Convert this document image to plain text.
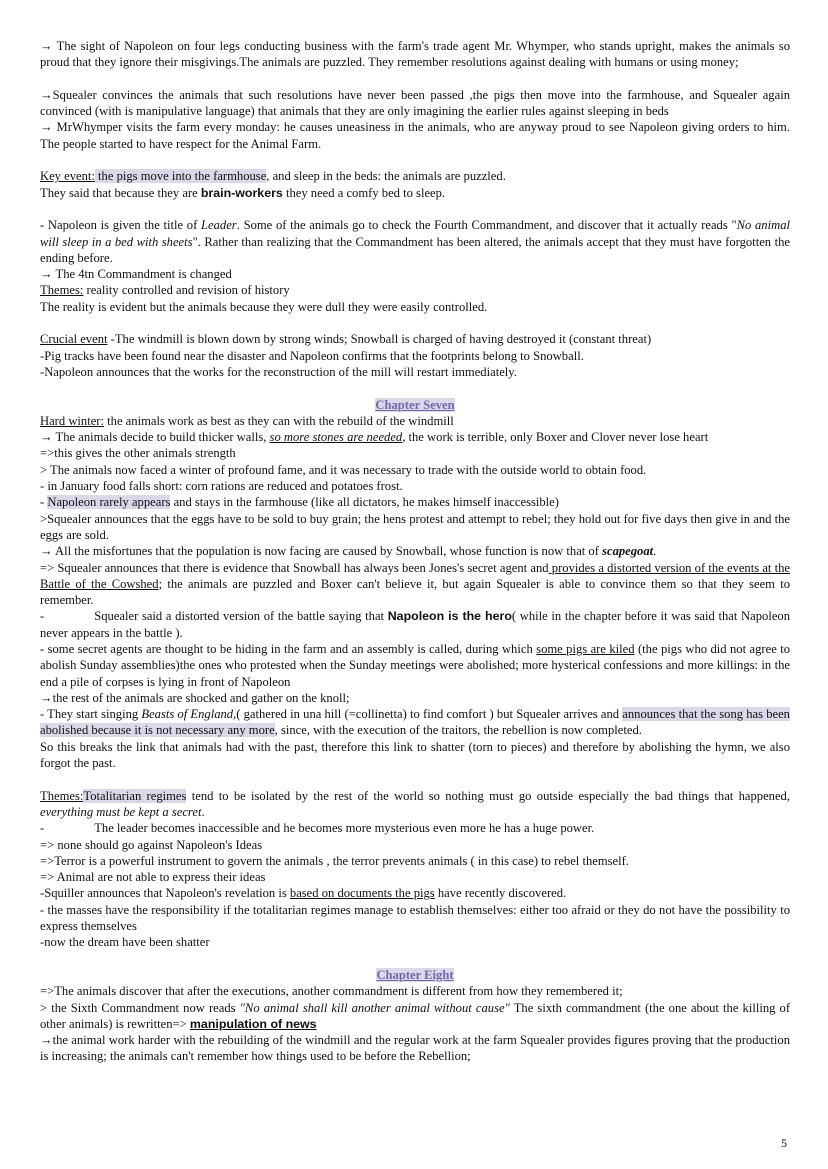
→ The sight of Napoleon on four legs conducting business with the farm's trade agent Mr. Whymper, who stands upright, makes the animals so proud that they ignore their misgivings.The animals are puzzled. They remember resolutions against dealing with humans or using money;

→Squealer convinces the animals that such resolutions have never been passed ,the pigs then move into the farmhouse, and Squealer again convinced (with is manipulative language) that animals that they are only imagining the earlier rules against sleeping in beds

→ MrWhymper visits the farm every monday: he causes uneasiness in the animals, who are anyway proud to see Napoleon giving orders to him. The people started to have respect for the Animal Farm.

Key event: the pigs move into the farmhouse, and sleep in the beds: the animals are puzzled.

They said that because they are brain-workers they need a comfy bed to sleep.

- Napoleon is given the title of Leader. Some of the animals go to check the Fourth Commandment, and discover that it actually reads "No animal will sleep in a bed with sheets". Rather than realizing that the Commandment has been altered, the animals accept that they must have forgotten the ending before.

→ The 4tn Commandment is changed

Themes: reality controlled and revision of history

The reality is evident but the animals because they were dull they were easily controlled.

Crucial event -The windmill is blown down by strong winds; Snowball is charged of having destroyed it (constant threat)

-Pig tracks have been found near the disaster and Napoleon confirms that the footprints belong to Snowball.

-Napoleon announces that the works for the reconstruction of the mill will restart immediately.

Chapter Seven

Hard winter: the animals work as best as they can with the rebuild of the windmill

→ The animals decide to build thicker walls, so more stones are needed, the work is terrible, only Boxer and Clover never lose heart

=>this gives the other animals strength

> The animals now faced a winter of profound fame, and it was necessary to trade with the outside world to obtain food.

- in January food falls short: corn rations are reduced and potatoes frost.

- Napoleon rarely appears and stays in the farmhouse (like all dictators, he makes himself inaccessible)

>Squealer announces that the eggs have to be sold to buy grain; the hens protest and attempt to rebel; they hold out for five days then give in and the eggs are sold.

→ All the misfortunes that the population is now facing are caused by Snowball, whose function is now that of scapegoat.

=> Squealer announces that there is evidence that Snowball has always been Jones's secret agent and provides a distorted version of the events at the Battle of the Cowshed; the animals are puzzled and Boxer can't believe it, but again Squealer is able to convince them so that they seem to remember.

-	Squealer said a distorted version of the battle saying that Napoleon is the hero( while in the chapter before it was said that Napoleon never appears in the battle ).

- some secret agents are thought to be hiding in the farm and an assembly is called, during which some pigs are kiled (the pigs who did not agree to abolish Sunday assemblies)the ones who protested when the Sunday meetings were abolished; more hysterical confessions and more killings: in the end a pile of corpses is lying in front of Napoleon

→the rest of the animals are shocked and gather on the knoll;

- They start singing Beasts of England,( gathered in una hill (=collinetta) to find comfort ) but Squealer arrives and announces that the song has been abolished because it is not necessary any more, since, with the execution of the traitors, the rebellion is now completed.

So this breaks the link that animals had with the past, therefore this link to shatter (torn to pieces) and therefore by abolishing the hymn, we also forgot the past.

Themes:Totalitarian regimes tend to be isolated by the rest of the world so nothing must go outside especially the bad things that happened, everything must be kept a secret.

-	The leader becomes inaccessible and he becomes more mysterious even more he has a huge power.

=> none should go against Napoleon's Ideas

=>Terror is a powerful instrument to govern the animals , the terror prevents animals ( in this case) to rebel themself.

=> Animal are not able to express their ideas

-Squiller announces that Napoleon's revelation is based on documents the pigs have recently discovered.

- the masses have the responsibility if the totalitarian regimes manage to establish themselves: either too afraid or they do not have the possibility to express themselves

-now the dream have been shatter

Chapter Eight

=>The animals discover that after the executions, another commandment is different from how they remembered it;

> the Sixth Commandment now reads "No animal shall kill another animal without cause" The sixth commandment (the one about the killing of other animals) is rewritten=> manipulation of news

→the animal work harder with the rebuilding of the windmill and the regular work at the farm Squealer provides figures proving that the production is increasing; the animals can't remember how things used to be before the Rebellion;

5
